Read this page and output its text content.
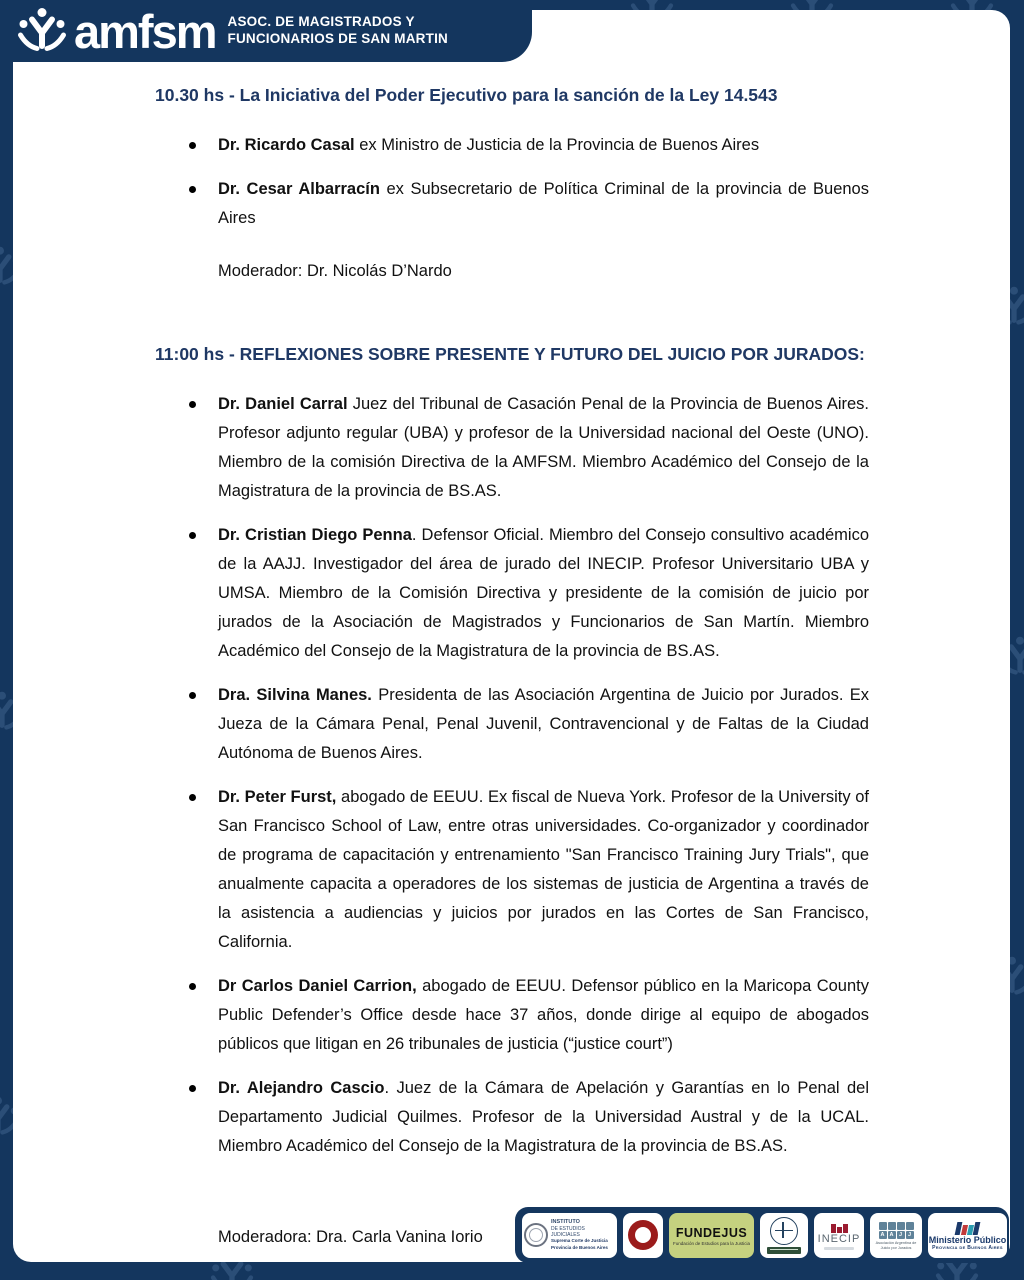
amfsm ASOC. DE MAGISTRADOS Y
FUNCIONARIOS DE SAN MARTIN
10.30 hs - La Iniciativa del Poder Ejecutivo para la sanción de la Ley 14.543
Dr. Ricardo Casal ex Ministro de Justicia de la Provincia de Buenos Aires
Dr. Cesar Albarracín ex Subsecretario de Política Criminal de la provincia de Buenos Aires

Moderador: Dr. Nicolás D’Nardo

11:00 hs - REFLEXIONES SOBRE PRESENTE Y FUTURO DEL JUICIO POR JURADOS:
Dr. Daniel Carral Juez del Tribunal de Casación Penal de la Provincia de Buenos Aires. Profesor adjunto regular (UBA) y profesor de la Universidad nacional del Oeste (UNO). Miembro de la comisión Directiva de la AMFSM. Miembro Académico del Consejo de la Magistratura de la provincia de BS.AS.
Dr. Cristian Diego Penna. Defensor Oficial. Miembro del Consejo consultivo académico de la AAJJ. Investigador del área de jurado del INECIP. Profesor Universitario UBA y UMSA. Miembro de la Comisión Directiva y presidente de la comisión de juicio por jurados de la Asociación de Magistrados y Funcionarios de San Martín. Miembro Académico del Consejo de la Magistratura de la provincia de BS.AS.
Dra. Silvina Manes. Presidenta de las Asociación Argentina de Juicio por Jurados. Ex Jueza de la Cámara Penal, Penal Juvenil, Contravencional y de Faltas de la Ciudad Autónoma de Buenos Aires.
Dr. Peter Furst, abogado de EEUU. Ex fiscal de Nueva York. Profesor de la University of San Francisco School of Law, entre otras universidades. Co-organizador y coordinador de programa de capacitación y entrenamiento "San Francisco Training Jury Trials", que anualmente capacita a operadores de los sistemas de justicia de Argentina a través de la asistencia a audiencias y juicios por jurados en las Cortes de San Francisco, California.
Dr Carlos Daniel Carrion, abogado de EEUU. Defensor público en la Maricopa County Public Defender’s Office desde hace 37 años, donde dirige al equipo de abogados públicos que litigan en 26 tribunales de justicia (“justice court”)
Dr. Alejandro Cascio. Juez de la Cámara de Apelación y Garantías en lo Penal del Departamento Judicial Quilmes. Profesor de la Universidad Austral y de la UCAL. Miembro Académico del Consejo de la Magistratura de la provincia de BS.AS.

Moderadora: Dra. Carla Vanina Iorio

INSTITUTO
DE ESTUDIOS JUDICIALES
Suprema Corte de Justicia
Provincia de Buenos Aires
FUNDEJUS
Fundación de Estudios para la Justicia	INECIP	A A J	J
Asociación Argentina de
Juicio por Jurados
Ministerio Público
Provincia de Buenos Aires
